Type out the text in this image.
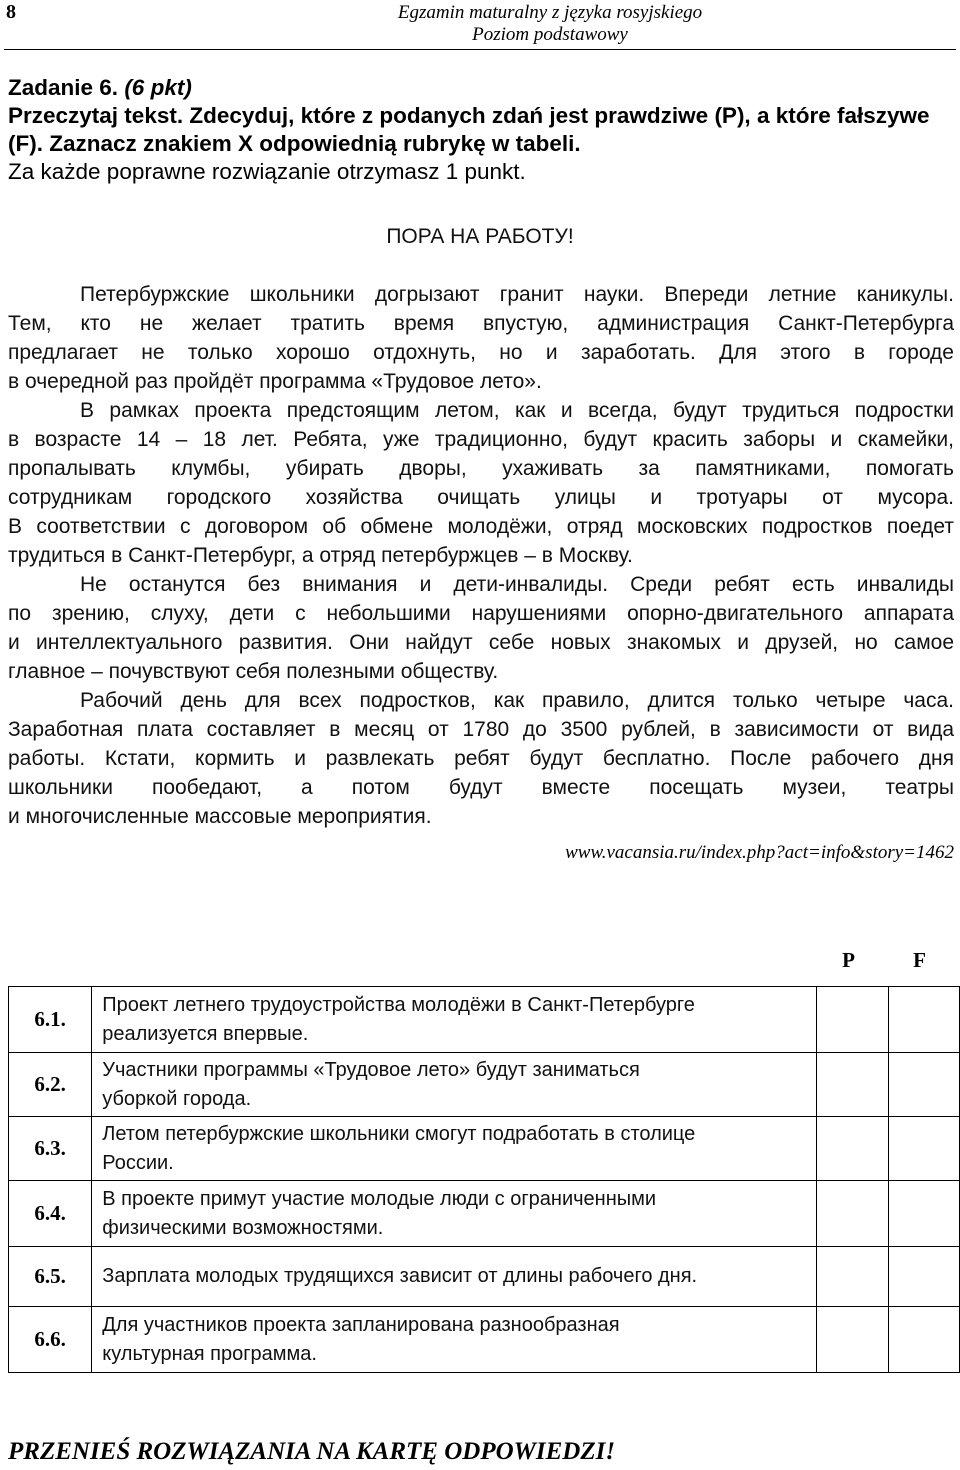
8	Egzamin maturalny z języka rosyjskiego
Poziom podstawowy
Zadanie 6. (6 pkt)
Przeczytaj tekst. Zdecyduj, które z podanych zdań jest prawdziwe (P), a które fałszywe
(F). Zaznacz znakiem X odpowiednią rubrykę w tabeli.
Za każde poprawne rozwiązanie otrzymasz 1 punkt.
ПОРА НА РАБОТУ!
Петербуржские школьники догрызают гранит науки. Впереди летние каникулы.
Тем, кто не желает тратить время впустую, администрация Санкт-Петербурга
предлагает не только хорошо отдохнуть, но и заработать. Для этого в городе
в очередной раз пройдёт программа «Трудовое лето».
В рамках проекта предстоящим летом, как и всегда, будут трудиться подростки
в возрасте 14 – 18 лет. Ребята, уже традиционно, будут красить заборы и скамейки,
пропалывать клумбы, убирать дворы, ухаживать за памятниками, помогать
сотрудникам городского хозяйства очищать улицы и тротуары от мусора.
В соответствии с договором об обмене молодёжи, отряд московских подростков поедет
трудиться в Санкт-Петербург, а отряд петербуржцев – в Москву.
Не останутся без внимания и дети-инвалиды. Среди ребят есть инвалиды
по зрению, слуху, дети с небольшими нарушениями опорно-двигательного аппарата
и интеллектуального развития. Они найдут себе новых знакомых и друзей, но самое
главное – почувствуют себя полезными обществу.
Рабочий день для всех подростков, как правило, длится только четыре часа.
Заработная плата составляет в месяц от 1780 до 3500 рублей, в зависимости от вида
работы. Кстати, кормить и развлекать ребят будут бесплатно. После рабочего дня
школьники пообедают, а потом будут вместе посещать музеи, театры
и многочисленные массовые мероприятия.
www.vacansia.ru/index.php?act=info&story=1462
P	F
6.1.	Проект летнего трудоустройства молодёжи в Санкт-Петербурге
реализуется впервые.		

6.2.	Участники программы «Трудовое лето» будут заниматься
уборкой города.		

6.3.	Летом петербуржские школьники смогут подработать в столице
России.		

6.4.	В проекте примут участие молодые люди с ограниченными
физическими возможностями.		

6.5.	Зарплата молодых трудящихся зависит от длины рабочего дня.		

6.6.	Для участников проекта запланирована разнообразная
культурная программа.		

PRZENIEŚ ROZWIĄZANIA NA KARTĘ ODPOWIEDZI!
